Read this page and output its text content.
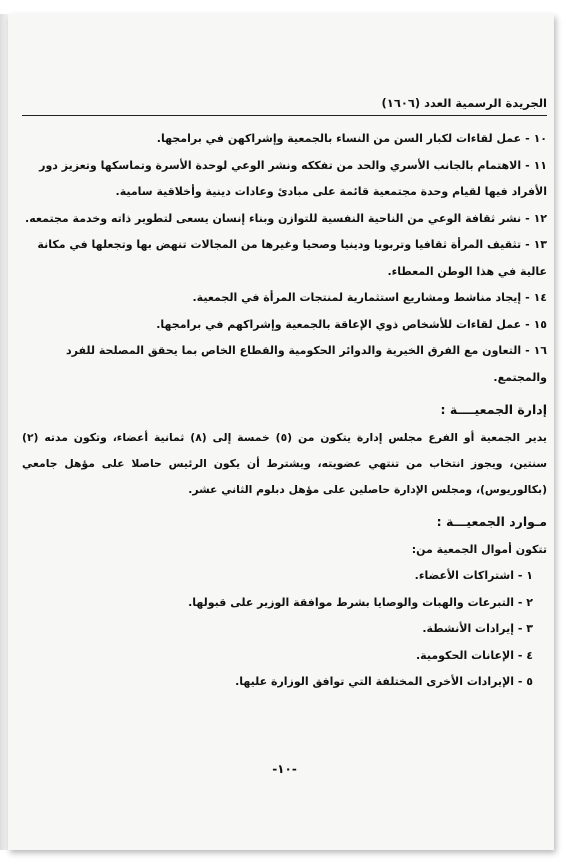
الجريدة الرسمية العدد (١٦٠٦)

١٠ -عمل لقاءات لكبار السن من النساء بالجمعية وإشراكهن في برامجها.

١١ -الاهتمام بالجانب الأسري والحد من تفككه ونشر الوعي لوحدة الأسرة وتماسكها وتعزيز دور الأفراد فيها لقيام وحدة مجتمعية قائمة على مبادئ وعادات دينية وأخلاقية سامية.

١٢ -نشر ثقافة الوعي من الناحية النفسية للتوازن وبناء إنسان يسعى لتطوير ذاته وخدمة مجتمعه.

١٣ -تثقيف المرأة ثقافيا وتربويا ودينيا وصحيا وغيرها من المجالات تنهض بها وتجعلها في مكانة عالية في هذا الوطن المعطاء.

١٤ -إيجاد مناشط ومشاريع استثمارية لمنتجات المرأة في الجمعية.

١٥ -عمل لقاءات للأشخاص ذوي الإعاقة بالجمعية وإشراكهم في برامجها.

١٦ -التعاون مع الفرق الخيرية والدوائر الحكومية والقطاع الخاص بما يحقق المصلحة للفرد والمجتمع.

إدارة الجمعيــــة :

يدير الجمعية أو الفرع مجلس إدارة يتكون من (٥) خمسة إلى (٨) ثمانية أعضاء، وتكون مدته (٢) سنتين، ويجوز انتخاب من تنتهي عضويته، ويشترط أن يكون الرئيس حاصلا على مؤهل جامعي (بكالوريوس)، ومجلس الإدارة حاصلين على مؤهل دبلوم الثاني عشر.

مـوارد الجمعيـــة :

تتكون أموال الجمعية من:

١ - اشتراكات الأعضاء.

٢ - التبرعات والهبات والوصايا بشرط موافقة الوزير على قبولها.

٣ - إيرادات الأنشطة.

٤ - الإعانات الحكومية.

٥ - الإيرادات الأخرى المختلفة التي توافق الوزارة عليها.

-١٠-
